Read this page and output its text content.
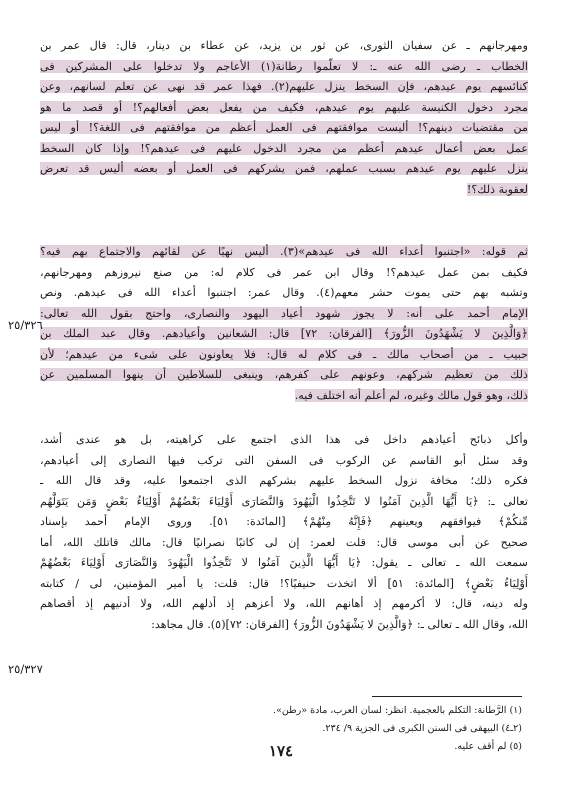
ومهرجانهم ـ عن سفيان الثورى، عن ثور بن يزيد، عن عطاء بن دينار، قال: قال عمر بن
الخطاب ـ رضى الله عنه ـ: لا تعلّموا رطانة(١) الأعاجم ولا تدخلوا على المشركين فى
كنائسهم يوم عيدهم، فإن السخط ينزل عليهم(٢). فهذا عمر قد نهى عن تعلم لسانهم، وعن
مجرد دخول الكنيسة عليهم يوم عيدهم، فكيف من يفعل بعض أفعالهم؟! أو قصد ما هو
من مقتضيات دينهم؟! أليست موافقتهم فى العمل أعظم من موافقتهم فى اللغة؟! أو ليس
عمل بعض أعمال عيدهم أعظم من مجرد الدخول عليهم فى عيدهم؟! وإذا كان السخط
ينزل عليهم يوم عيدهم بسبب عملهم، فمن يشركهم فى العمل أو بعضه أليس قد تعرض
لعقوبة ذلك؟!
ثم قوله: «اجتنبوا أعداء الله فى عيدهم»(٣). أليس نهيًا عن لقائهم والاجتماع بهم فيه؟
فكيف بمن عمل عيدهم؟! وقال ابن عمر فى كلام له: من صنع نيروزهم ومهرجانهم،
وتشبه بهم حتى يموت حشر معهم(٤). وقال عمر: اجتنبوا أعداء الله فى عيدهم. ونص
الإمام أحمد على أنه: لا يجوز شهود أعياد اليهود والنصارى، واحتج بقول الله تعالى:
﴿وَالَّذِينَ لا يَشْهَدُونَ الزُّورَ﴾ [الفرقان: ٧٢] قال: الشعانين وأعيادهم. وقال عبد الملك بن
حبيب ـ من أصحاب مالك ـ فى كلام له قال: فلا يعاونون على شىء من عيدهم؛ لأن
ذلك من تعظيم شركهم، وعونهم على كفرهم، وينبغى للسلاطين أن ينهوا المسلمين عن
ذلك، وهو قول مالك وغيره، لم أعلم أنه اختلف فيه.
وأكل ذبائح أعيادهم داخل فى هذا الذى اجتمع على كراهيته، بل هو عندى أشد،
وقد سئل أبو القاسم عن الركوب فى السفن التى تركب فيها النصارى إلى أعيادهم،
فكره ذلك؛ مخافة نزول السخط عليهم بشركهم الذى اجتمعوا عليه، وقد قال الله ـ
تعالى ـ: ﴿يَا أَيُّهَا الَّذِينَ آمَنُوا لا تَتَّخِذُوا الْيَهُودَ وَالنَّصَارَى أَوْلِيَاءَ بَعْضُهُمْ أَوْلِيَاءُ بَعْضٍ وَمَن يَتَوَلَّهُم
مِّنكُمْ﴾ فيوافقهم ويعينهم ﴿فَإِنَّهُ مِنْهُمْ﴾ [المائدة: ٥١]. وروى الإمام أحمد بإسناد
صحيح عن أبى موسى قال: قلت لعمر: إن لى كاتبًا نصرانيًا قال: مالك قاتلك الله، أما
سمعت الله ـ تعالى ـ يقول: ﴿يَا أَيُّهَا الَّذِينَ آمَنُوا لا تَتَّخِذُوا الْيَهُودَ وَالنَّصَارَى أَوْلِيَاءَ بَعْضُهُمْ
أَوْلِيَاءُ بَعْضٍ﴾ [المائدة: ٥١] ألا اتخذت حنيفيًا؟! قال: قلت: يا أمير المؤمنين، لى / كتابته
وله دينه، قال: لا أكرمهم إذ أهانهم الله، ولا أعزهم إذ أذلهم الله، ولا أدنيهم إذ أقصاهم
الله، وقال الله ـ تعالى ـ: ﴿وَالَّذِينَ لا يَشْهَدُونَ الزُّورَ﴾ [الفرقان: ٧٢](٥). قال مجاهد:
٢٥/٣٢٦
٢٥/٣٢٧
(١) الرَّطانة: التكلم بالعجمية. انظر: لسان العرب، مادة «رطن».
(٢ـ٤) البيهقى فى السنن الكبرى فى الجزية ٩/ ٢٣٤.
(٥) لم أقف عليه.
١٧٤
